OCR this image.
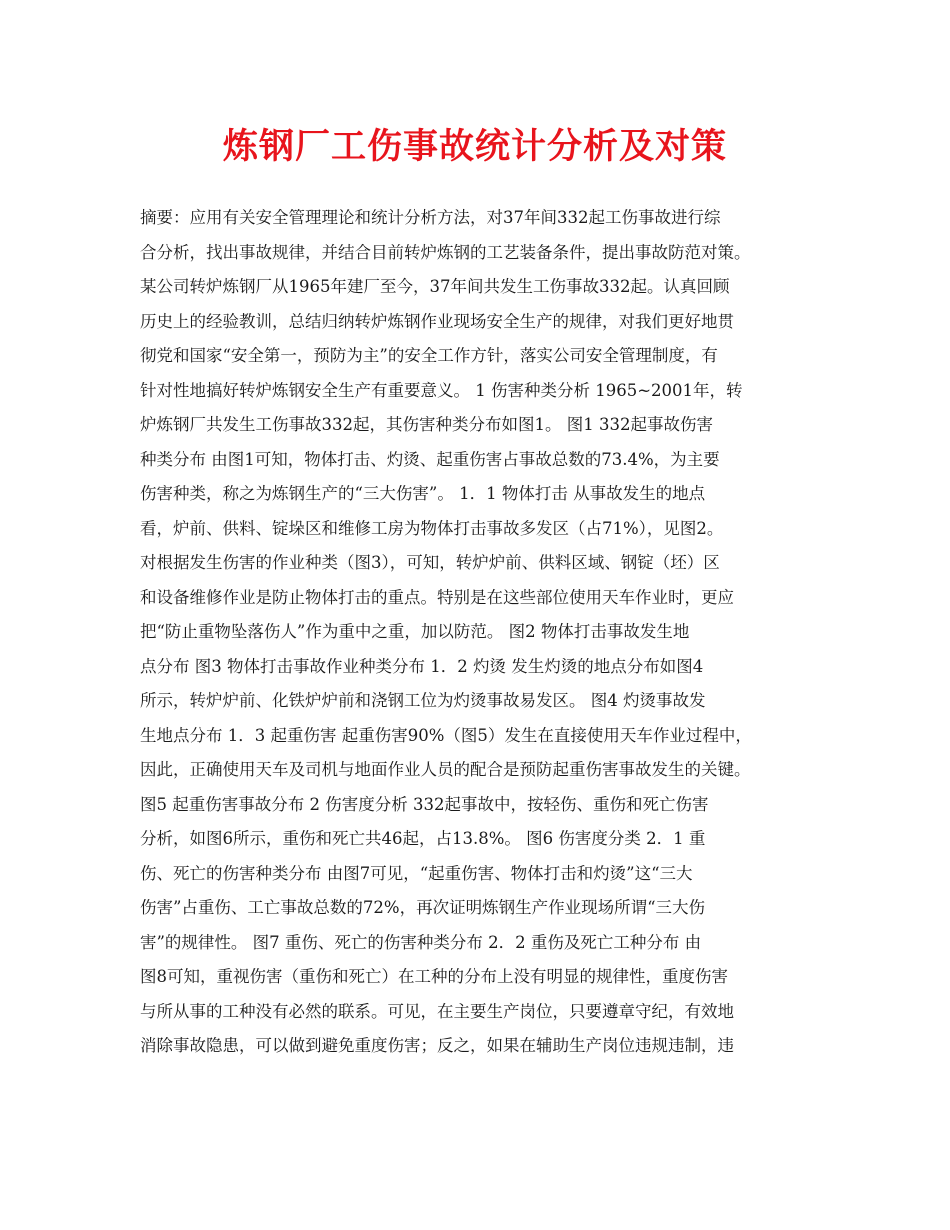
炼钢厂工伤事故统计分析及对策
摘要：应用有关安全管理理论和统计分析方法，对37年间332起工伤事故进行综
合分析，找出事故规律，并结合目前转炉炼钢的工艺装备条件，提出事故防范对策。
某公司转炉炼钢厂从1965年建厂至今，37年间共发生工伤事故332起。认真回顾
历史上的经验教训，总结归纳转炉炼钢作业现场安全生产的规律，对我们更好地贯
彻党和国家“安全第一，预防为主”的安全工作方针，落实公司安全管理制度，有
针对性地搞好转炉炼钢安全生产有重要意义。 1 伤害种类分析 1965~2001年，转
炉炼钢厂共发生工伤事故332起，其伤害种类分布如图1。 图1 332起事故伤害
种类分布 由图1可知，物体打击、灼烫、起重伤害占事故总数的73.4%，为主要
伤害种类，称之为炼钢生产的“三大伤害”。 1．1 物体打击 从事故发生的地点
看，炉前、供料、锭垛区和维修工房为物体打击事故多发区（占71%），见图2。
对根据发生伤害的作业种类（图3），可知，转炉炉前、供料区域、钢锭（坯）区
和设备维修作业是防止物体打击的重点。特别是在这些部位使用天车作业时，更应
把“防止重物坠落伤人”作为重中之重，加以防范。 图2 物体打击事故发生地
点分布 图3 物体打击事故作业种类分布 1．2 灼烫 发生灼烫的地点分布如图4
所示，转炉炉前、化铁炉炉前和浇钢工位为灼烫事故易发区。 图4 灼烫事故发
生地点分布 1．3 起重伤害 起重伤害90%（图5）发生在直接使用天车作业过程中，
因此，正确使用天车及司机与地面作业人员的配合是预防起重伤害事故发生的关键。
图5 起重伤害事故分布 2 伤害度分析 332起事故中，按轻伤、重伤和死亡伤害
分析，如图6所示，重伤和死亡共46起，占13.8%。 图6 伤害度分类 2．1 重
伤、死亡的伤害种类分布 由图7可见，“起重伤害、物体打击和灼烫”这“三大
伤害”占重伤、工亡事故总数的72%，再次证明炼钢生产作业现场所谓“三大伤
害”的规律性。 图7 重伤、死亡的伤害种类分布 2．2 重伤及死亡工种分布 由
图8可知，重视伤害（重伤和死亡）在工种的分布上没有明显的规律性，重度伤害
与所从事的工种没有必然的联系。可见，在主要生产岗位，只要遵章守纪，有效地
消除事故隐患，可以做到避免重度伤害；反之，如果在辅助生产岗位违规违制，违
